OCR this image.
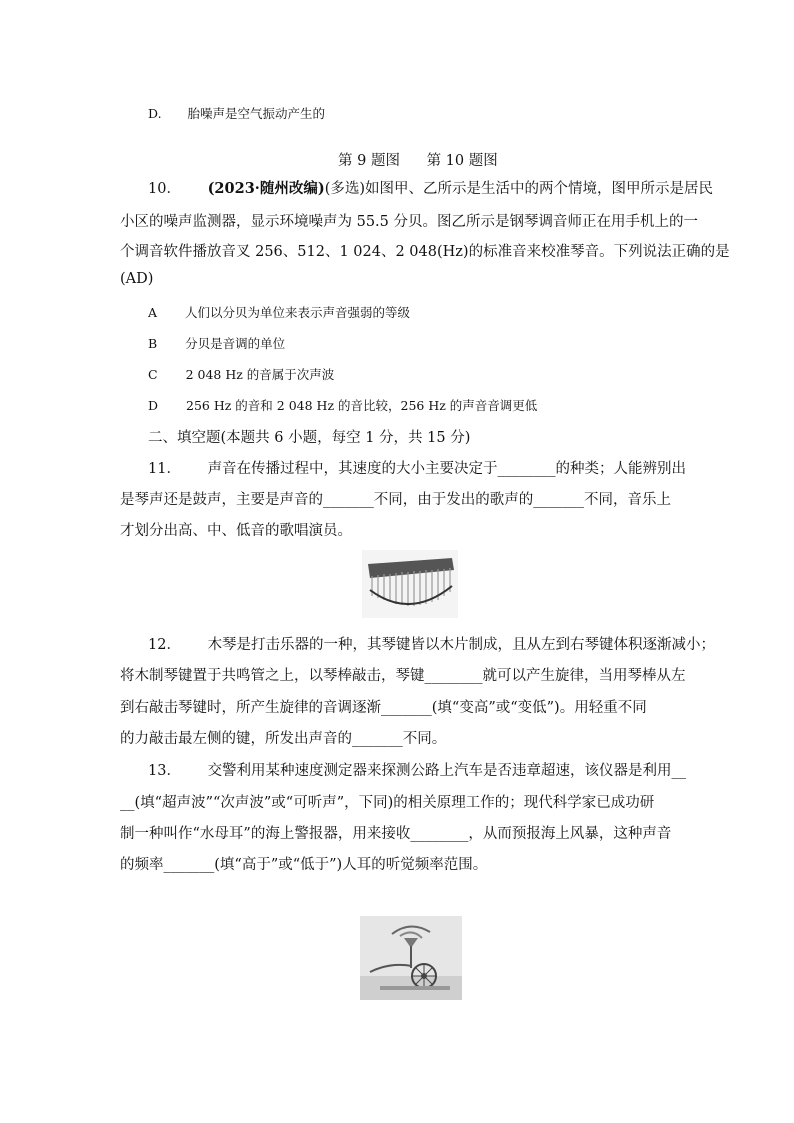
D. 胎噪声是空气振动产生的
第 9 题图 第 10 题图
10． (2023·随州改编)(多选)如图甲、乙所示是生活中的两个情境，图甲所示是居民
小区的噪声监测器，显示环境噪声为 55.5 分贝。图乙所示是钢琴调音师正在用手机上的一
个调音软件播放音叉 256、512、1 024、2 048(Hz)的标准音来校准琴音。下列说法正确的是
(AD)
A 人们以分贝为单位来表示声音强弱的等级
B 分贝是音调的单位
C 2 048 Hz 的音属于次声波
D 256 Hz 的音和 2 048 Hz 的音比较，256 Hz 的声音音调更低
二、填空题(本题共 6 小题，每空 1 分，共 15 分)
11． 声音在传播过程中，其速度的大小主要决定于________的种类；人能辨别出
是琴声还是鼓声，主要是声音的_______不同，由于发出的歌声的_______不同，音乐上
才划分出高、中、低音的歌唱演员。
12． 木琴是打击乐器的一种，其琴键皆以木片制成，且从左到右琴键体积逐渐减小；
将木制琴键置于共鸣管之上，以琴棒敲击，琴键________就可以产生旋律，当用琴棒从左
到右敲击琴键时，所产生旋律的音调逐渐_______(填“变高”或“变低”)。用轻重不同
的力敲击最左侧的键，所发出声音的_______不同。
13． 交警利用某种速度测定器来探测公路上汽车是否违章超速，该仪器是利用__
__(填“超声波”“次声波”或“可听声”，下同)的相关原理工作的；现代科学家已成功研
制一种叫作“水母耳”的海上警报器，用来接收________，从而预报海上风暴，这种声音
的频率_______(填“高于”或“低于”)人耳的听觉频率范围。
